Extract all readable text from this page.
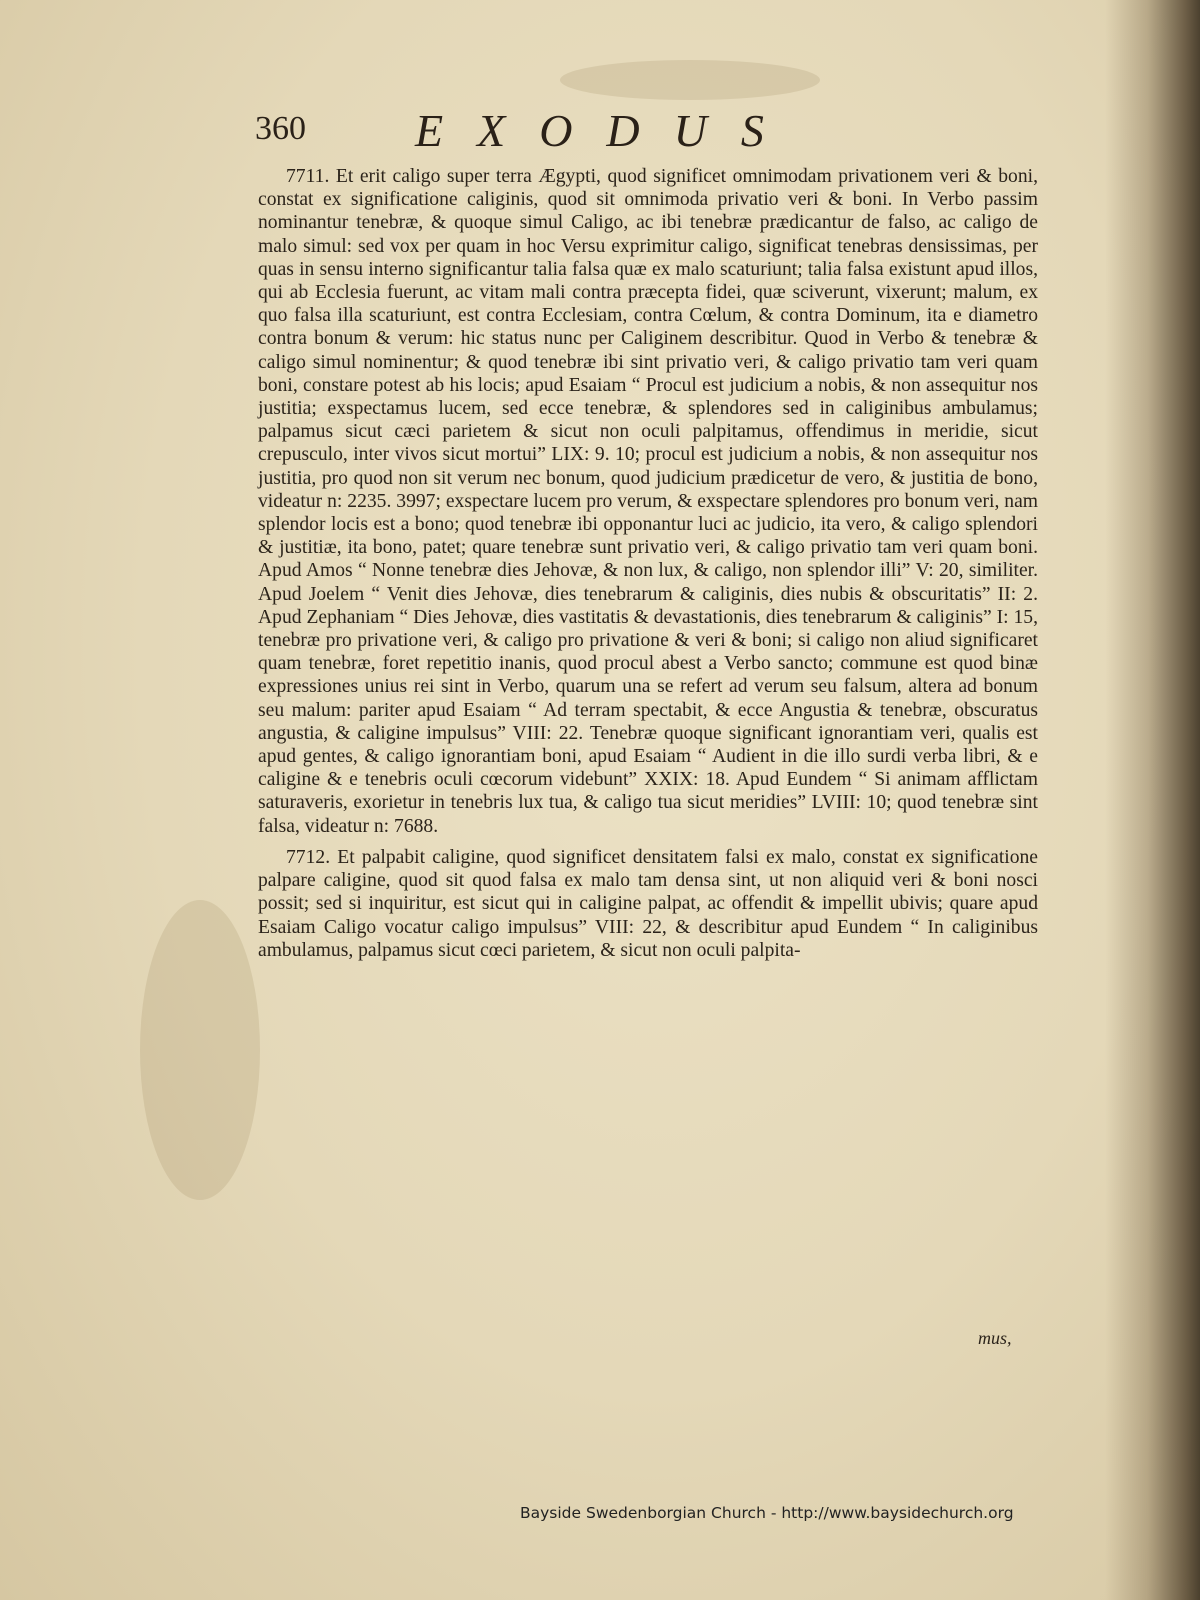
360 EXODUS

7711. Et erit caligo super terra Ægypti, quod significet omnimodam privationem veri & boni, constat ex significatione caliginis, quod sit omnimoda privatio veri & boni. In Verbo passim nominantur tenebræ, & quoque simul Caligo, ac ibi tenebræ prædicantur de falso, ac caligo de malo simul: sed vox per quam in hoc Versu exprimitur caligo, significat tenebras densissimas, per quas in sensu interno significantur talia falsa quæ ex malo scaturiunt; talia falsa existunt apud illos, qui ab Ecclesia fuerunt, ac vitam mali contra præcepta fidei, quæ sciverunt, vixerunt; malum, ex quo falsa illa scaturiunt, est contra Ecclesiam, contra Cœlum, & contra Dominum, ita e diametro contra bonum & verum: hic status nunc per Caliginem describitur. Quod in Verbo & tenebræ & caligo simul nominentur; & quod tenebræ ibi sint privatio veri, & caligo privatio tam veri quam boni, constare potest ab his locis; apud Esaiam “ Procul est judicium a nobis, & non assequitur nos justitia; exspectamus lucem, sed ecce tenebræ, & splendores sed in caliginibus ambulamus; palpamus sicut cæci parietem & sicut non oculi palpitamus, offendimus in meridie, sicut crepusculo, inter vivos sicut mortui” LIX: 9. 10; procul est judicium a nobis, & non assequitur nos justitia, pro quod non sit verum nec bonum, quod judicium prædicetur de vero, & justitia de bono, videatur n: 2235. 3997; exspectare lucem pro verum, & exspectare splendores pro bonum veri, nam splendor locis est a bono; quod tenebræ ibi opponantur luci ac judicio, ita vero, & caligo splendori & justitiæ, ita bono, patet; quare tenebræ sunt privatio veri, & caligo privatio tam veri quam boni. Apud Amos “ Nonne tenebræ dies Jehovæ, & non lux, & caligo, non splendor illi” V: 20, similiter. Apud Joelem “ Venit dies Jehovæ, dies tenebrarum & caliginis, dies nubis & obscuritatis” II: 2. Apud Zephaniam “ Dies Jehovæ, dies vastitatis & devastationis, dies tenebrarum & caliginis” I: 15, tenebræ pro privatione veri, & caligo pro privatione & veri & boni; si caligo non aliud significaret quam tenebræ, foret repetitio inanis, quod procul abest a Verbo sancto; commune est quod binæ expressiones unius rei sint in Verbo, quarum una se refert ad verum seu falsum, altera ad bonum seu malum: pariter apud Esaiam “ Ad terram spectabit, & ecce Angustia & tenebræ, obscuratus angustia, & caligine impulsus” VIII: 22. Tenebræ quoque significant ignorantiam veri, qualis est apud gentes, & caligo ignorantiam boni, apud Esaiam “ Audient in die illo surdi verba libri, & e caligine & e tenebris oculi cœcorum videbunt” XXIX: 18. Apud Eundem “ Si animam afflictam saturaveris, exorietur in tenebris lux tua, & caligo tua sicut meridies” LVIII: 10; quod tenebræ sint falsa, videatur n: 7688.

7712. Et palpabit caligine, quod significet densitatem falsi ex malo, constat ex significatione palpare caligine, quod sit quod falsa ex malo tam densa sint, ut non aliquid veri & boni nosci possit; sed si inquiritur, est sicut qui in caligine palpat, ac offendit & impellit ubivis; quare apud Esaiam Caligo vocatur caligo impulsus” VIII: 22, & describitur apud Eundem “ In caliginibus ambulamus, palpamus sicut cœci parietem, & sicut non oculi palpita-

mus,
Bayside Swedenborgian Church - http://www.baysidechurch.org
